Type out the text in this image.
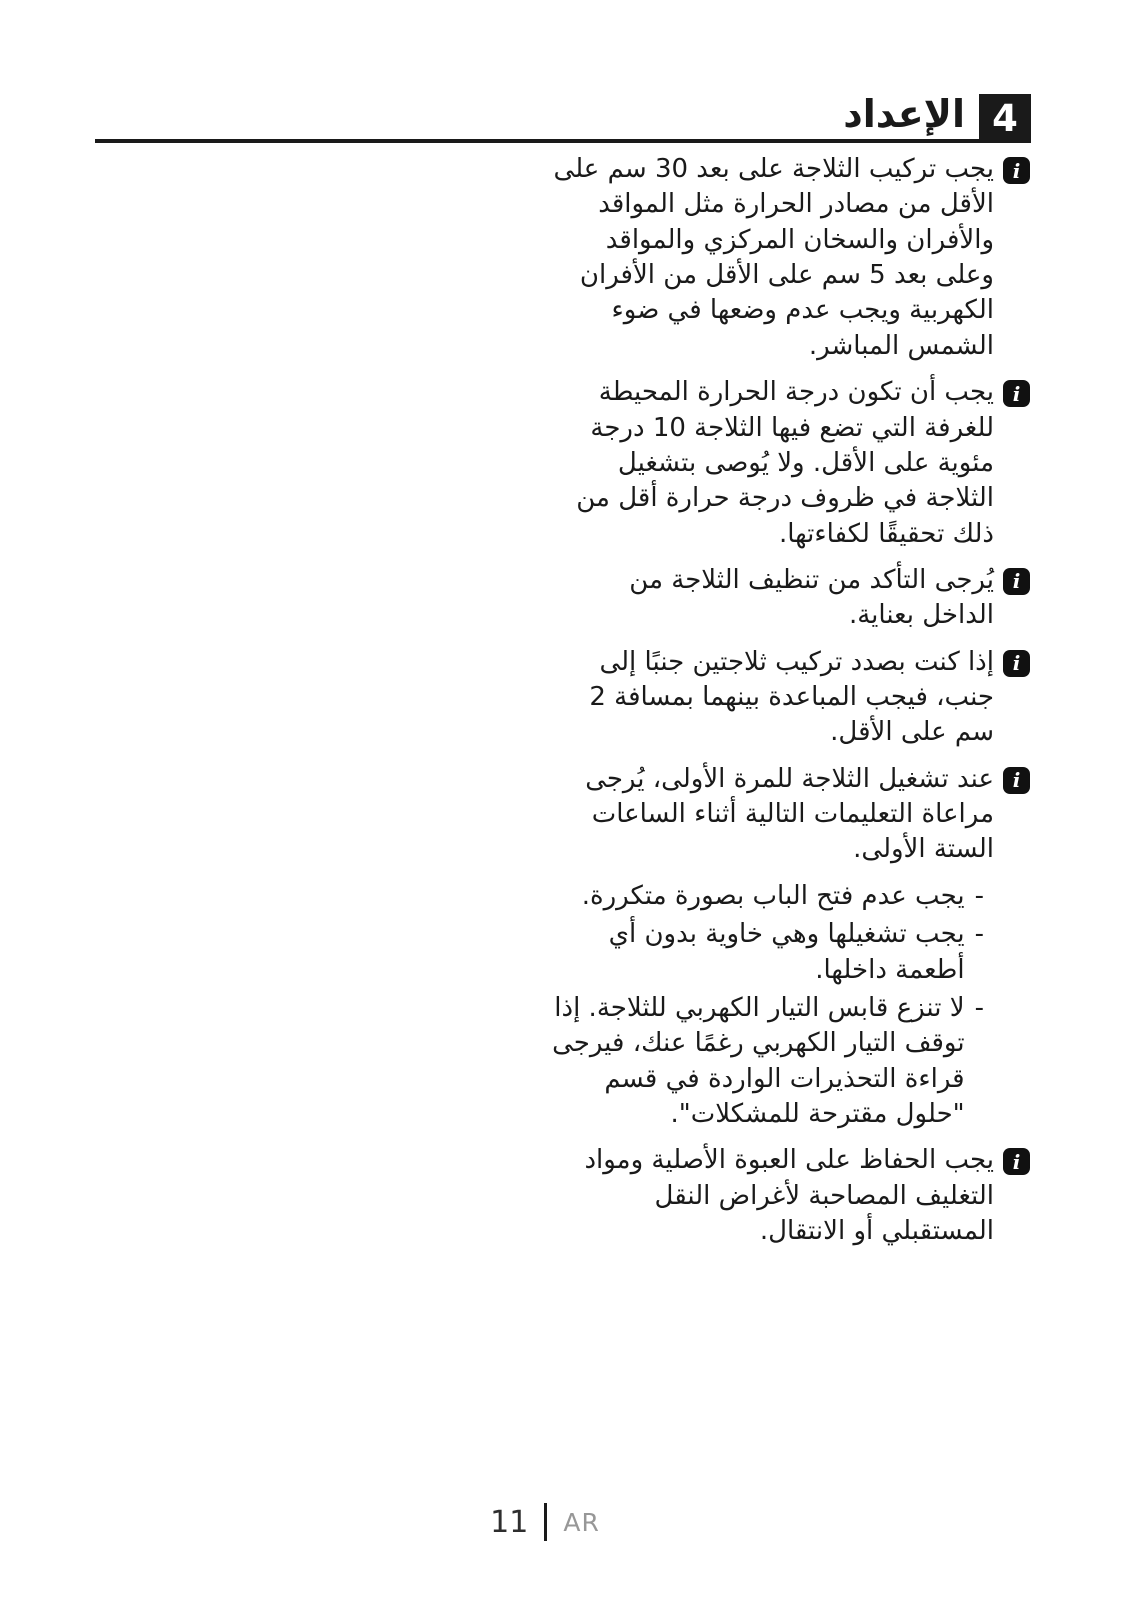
4
الإعداد
i

يجب تركيب الثلاجة على بعد 30 سم على الأقل من مصادر الحرارة مثل المواقد والأفران والسخان المركزي والمواقد وعلى بعد 5 سم على الأقل من الأفران الكهربية ويجب عدم وضعها في ضوء الشمس المباشر.

i

يجب أن تكون درجة الحرارة المحيطة للغرفة التي تضع فيها الثلاجة 10 درجة مئوية على الأقل. ولا يُوصى بتشغيل الثلاجة في ظروف درجة حرارة أقل من ذلك تحقيقًا لكفاءتها.

i

يُرجى التأكد من تنظيف الثلاجة من الداخل بعناية.

i

إذا كنت بصدد تركيب ثلاجتين جنبًا إلى جنب، فيجب المباعدة بينهما بمسافة 2 سم على الأقل.

i

عند تشغيل الثلاجة للمرة الأولى، يُرجى مراعاة التعليمات التالية أثناء الساعات الستة الأولى.

-

يجب عدم فتح الباب بصورة متكررة.

-

يجب تشغيلها وهي خاوية بدون أي أطعمة داخلها.

-

لا تنزع قابس التيار الكهربي للثلاجة. إذا توقف التيار الكهربي رغمًا عنك، فيرجى قراءة التحذيرات الواردة في قسم "حلول مقترحة للمشكلات".

i

يجب الحفاظ على العبوة الأصلية ومواد التغليف المصاحبة لأغراض النقل المستقبلي أو الانتقال.

11 AR
